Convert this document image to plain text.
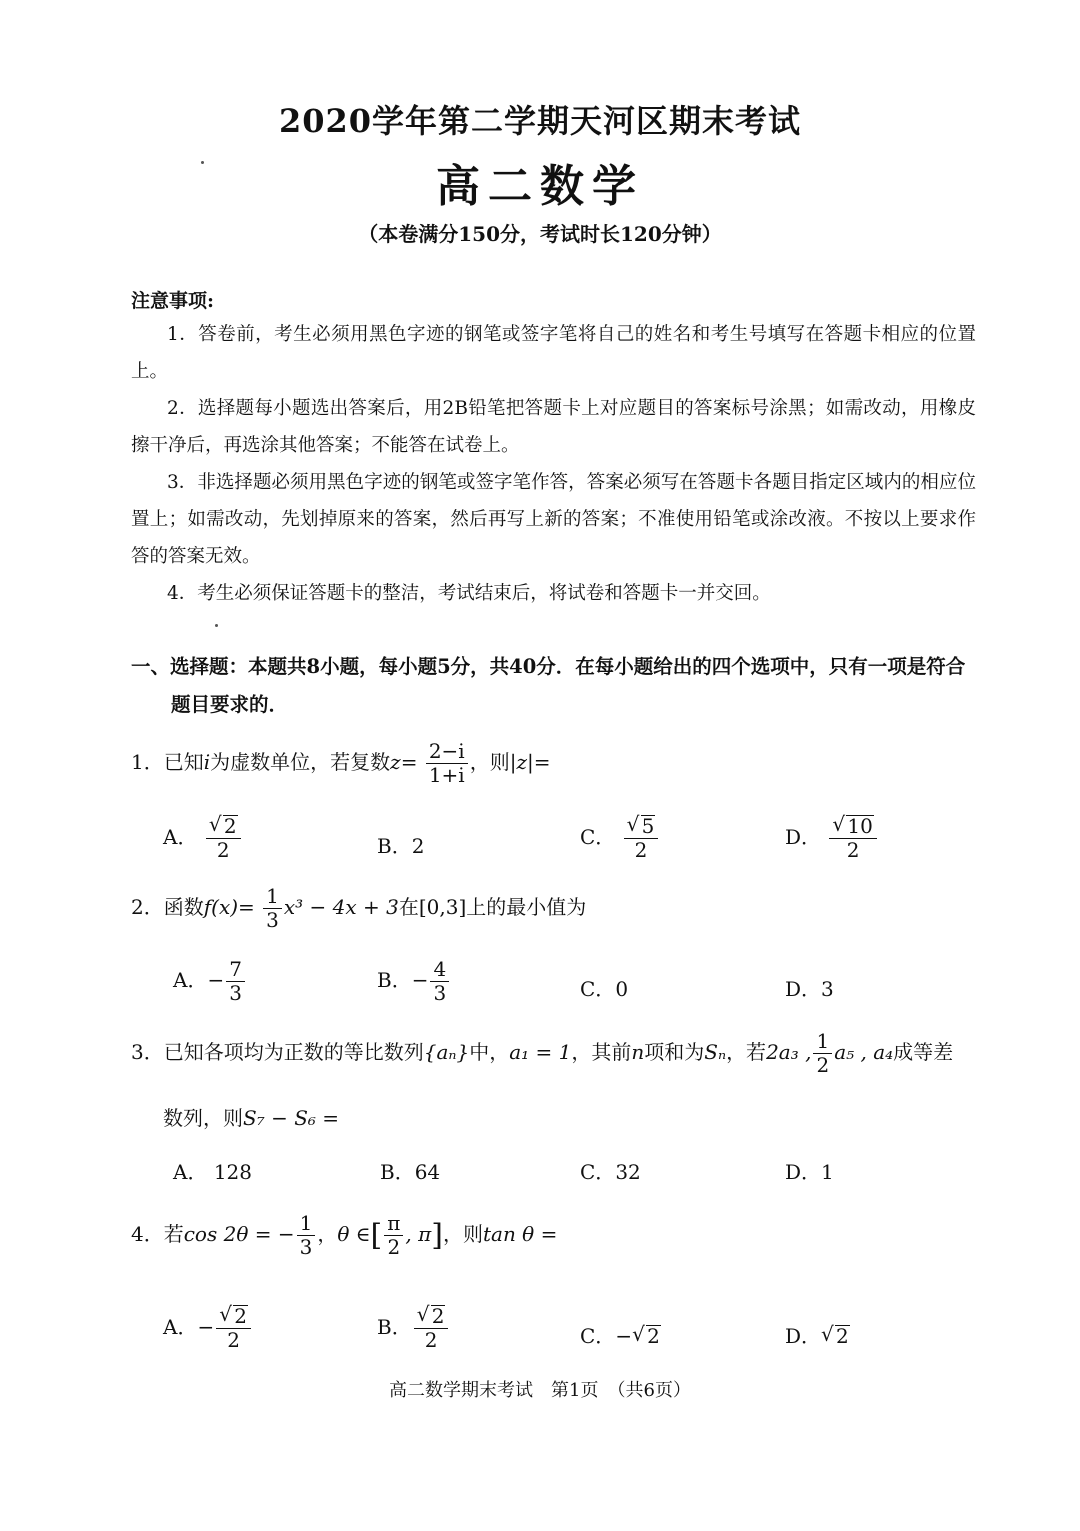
2020学年第二学期天河区期末考试
高二数学
（本卷满分150分，考试时长120分钟）
注意事项:
1．答卷前，考生必须用黑色字迹的钢笔或签字笔将自己的姓名和考生号填写在答题卡相应的位置上。
2．选择题每小题选出答案后，用2B铅笔把答题卡上对应题目的答案标号涂黑；如需改动，用橡皮擦干净后，再选涂其他答案；不能答在试卷上。
3．非选择题必须用黑色字迹的钢笔或签字笔作答，答案必须写在答题卡各题目指定区域内的相应位置上；如需改动，先划掉原来的答案，然后再写上新的答案；不准使用铅笔或涂改液。不按以上要求作答的答案无效。
4．考生必须保证答题卡的整洁，考试结束后，将试卷和答题卡一并交回。
一、选择题：本题共8小题，每小题5分，共40分．在每小题给出的四个选项中，只有一项是符合题目要求的．
1．已知i为虚数单位，若复数$z= \frac{2-i}{1+i}$ ，则|z|=
A． $\frac{√ 2}{2}$	B．2	C． $\frac{√ 5}{2}$	D． $\frac{√ 10}{2}$
2．函数$f(x)= \frac{1}{3} x^3 - 4x + 3$在[0,3]上的最小值为
A．− $\frac{7}{3}$	B．− $\frac{4}{3}$	C．0	D．3
3．已知各项均为正数的等比数列{aₙ}中，a₁ = 1，其前n项和为Sₙ，若2a₃ , $\frac{1}{2} a_5$ , a₄成等差
数列，则S₇ − S₆ =
A． 128	B．64	C．32	D．1
4．若cos 2θ = − $\frac{1}{3}$ ，θ ∈[ $\frac{\pi}{2}$ , π]，则tan θ =
A．− $\frac{√ 2}{2}$	B． $\frac{√ 2}{2}$	C．− √ 2	D． √ 2
高二数学期末考试　第1页　（共6页）
